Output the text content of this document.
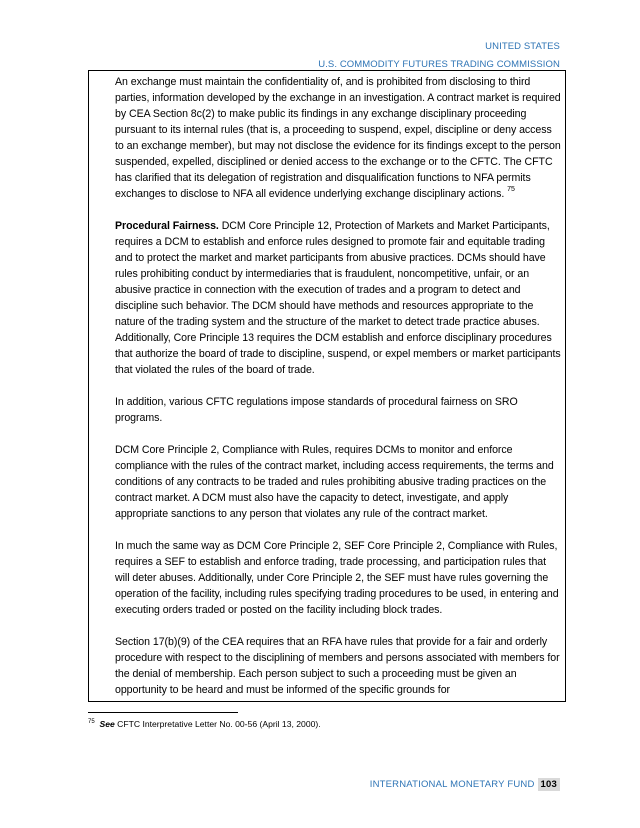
UNITED STATES
U.S. COMMODITY FUTURES TRADING COMMISSION

An exchange must maintain the confidentiality of, and is prohibited from disclosing to third parties, information developed by the exchange in an investigation. A contract market is required by CEA Section 8c(2) to make public its findings in any exchange disciplinary proceeding pursuant to its internal rules (that is, a proceeding to suspend, expel, discipline or deny access to an exchange member), but may not disclose the evidence for its findings except to the person suspended, expelled, disciplined or denied access to the exchange or to the CFTC. The CFTC has clarified that its delegation of registration and disqualification functions to NFA permits exchanges to disclose to NFA all evidence underlying exchange disciplinary actions. $^{75}$

Procedural Fairness. DCM Core Principle 12, Protection of Markets and Market Participants, requires a DCM to establish and enforce rules designed to promote fair and equitable trading and to protect the market and market participants from abusive practices. DCMs should have rules prohibiting conduct by intermediaries that is fraudulent, noncompetitive, unfair, or an abusive practice in connection with the execution of trades and a program to detect and discipline such behavior. The DCM should have methods and resources appropriate to the nature of the trading system and the structure of the market to detect trade practice abuses. Additionally, Core Principle 13 requires the DCM establish and enforce disciplinary procedures that authorize the board of trade to discipline, suspend, or expel members or market participants that violated the rules of the board of trade.

In addition, various CFTC regulations impose standards of procedural fairness on SRO programs.

DCM Core Principle 2, Compliance with Rules, requires DCMs to monitor and enforce compliance with the rules of the contract market, including access requirements, the terms and conditions of any contracts to be traded and rules prohibiting abusive trading practices on the contract market. A DCM must also have the capacity to detect, investigate, and apply appropriate sanctions to any person that violates any rule of the contract market.

In much the same way as DCM Core Principle 2, SEF Core Principle 2, Compliance with Rules, requires a SEF to establish and enforce trading, trade processing, and participation rules that will deter abuses. Additionally, under Core Principle 2, the SEF must have rules governing the operation of the facility, including rules specifying trading procedures to be used, in entering and executing orders traded or posted on the facility including block trades.

Section 17(b)(9) of the CEA requires that an RFA have rules that provide for a fair and orderly procedure with respect to the disciplining of members and persons associated with members for the denial of membership. Each person subject to such a proceeding must be given an opportunity to be heard and must be informed of the specific grounds for

$^{75}$ See CFTC Interpretative Letter No. 00-56 (April 13, 2000).
INTERNATIONAL MONETARY FUND 103
